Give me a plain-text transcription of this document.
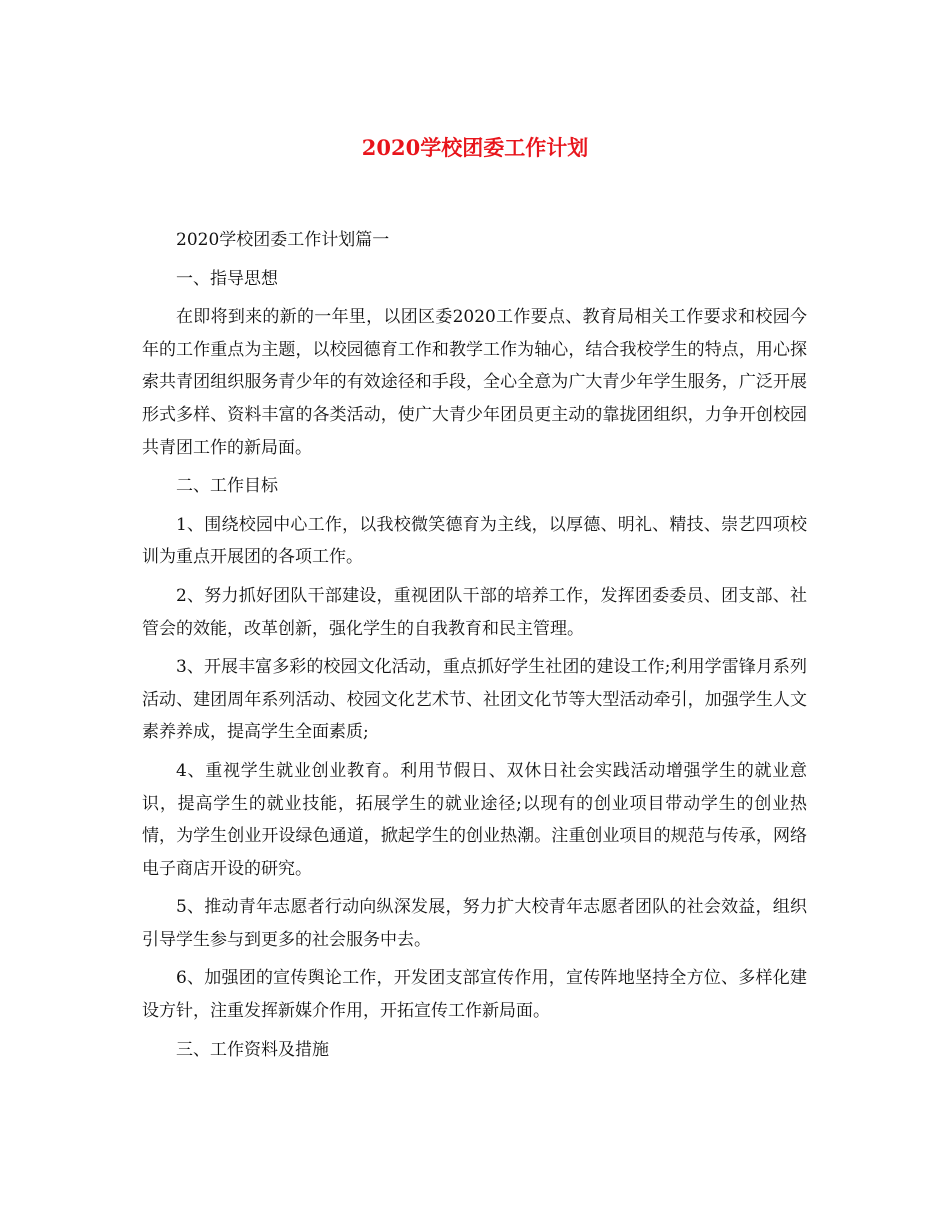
2020学校团委工作计划

2020学校团委工作计划篇一

一、指导思想

在即将到来的新的一年里，以团区委2020工作要点、教育局相关工作要求和校园今年的工作重点为主题，以校园德育工作和教学工作为轴心，结合我校学生的特点，用心探索共青团组织服务青少年的有效途径和手段，全心全意为广大青少年学生服务，广泛开展形式多样、资料丰富的各类活动，使广大青少年团员更主动的靠拢团组织，力争开创校园共青团工作的新局面。

二、工作目标

1、围绕校园中心工作，以我校微笑德育为主线，以厚德、明礼、精技、崇艺四项校训为重点开展团的各项工作。

2、努力抓好团队干部建设，重视团队干部的培养工作，发挥团委委员、团支部、社管会的效能，改革创新，强化学生的自我教育和民主管理。

3、开展丰富多彩的校园文化活动，重点抓好学生社团的建设工作;利用学雷锋月系列活动、建团周年系列活动、校园文化艺术节、社团文化节等大型活动牵引，加强学生人文素养养成，提高学生全面素质;

4、重视学生就业创业教育。利用节假日、双休日社会实践活动增强学生的就业意识，提高学生的就业技能，拓展学生的就业途径;以现有的创业项目带动学生的创业热情，为学生创业开设绿色通道，掀起学生的创业热潮。注重创业项目的规范与传承，网络电子商店开设的研究。

5、推动青年志愿者行动向纵深发展，努力扩大校青年志愿者团队的社会效益，组织引导学生参与到更多的社会服务中去。

6、加强团的宣传舆论工作，开发团支部宣传作用，宣传阵地坚持全方位、多样化建设方针，注重发挥新媒介作用，开拓宣传工作新局面。

三、工作资料及措施
